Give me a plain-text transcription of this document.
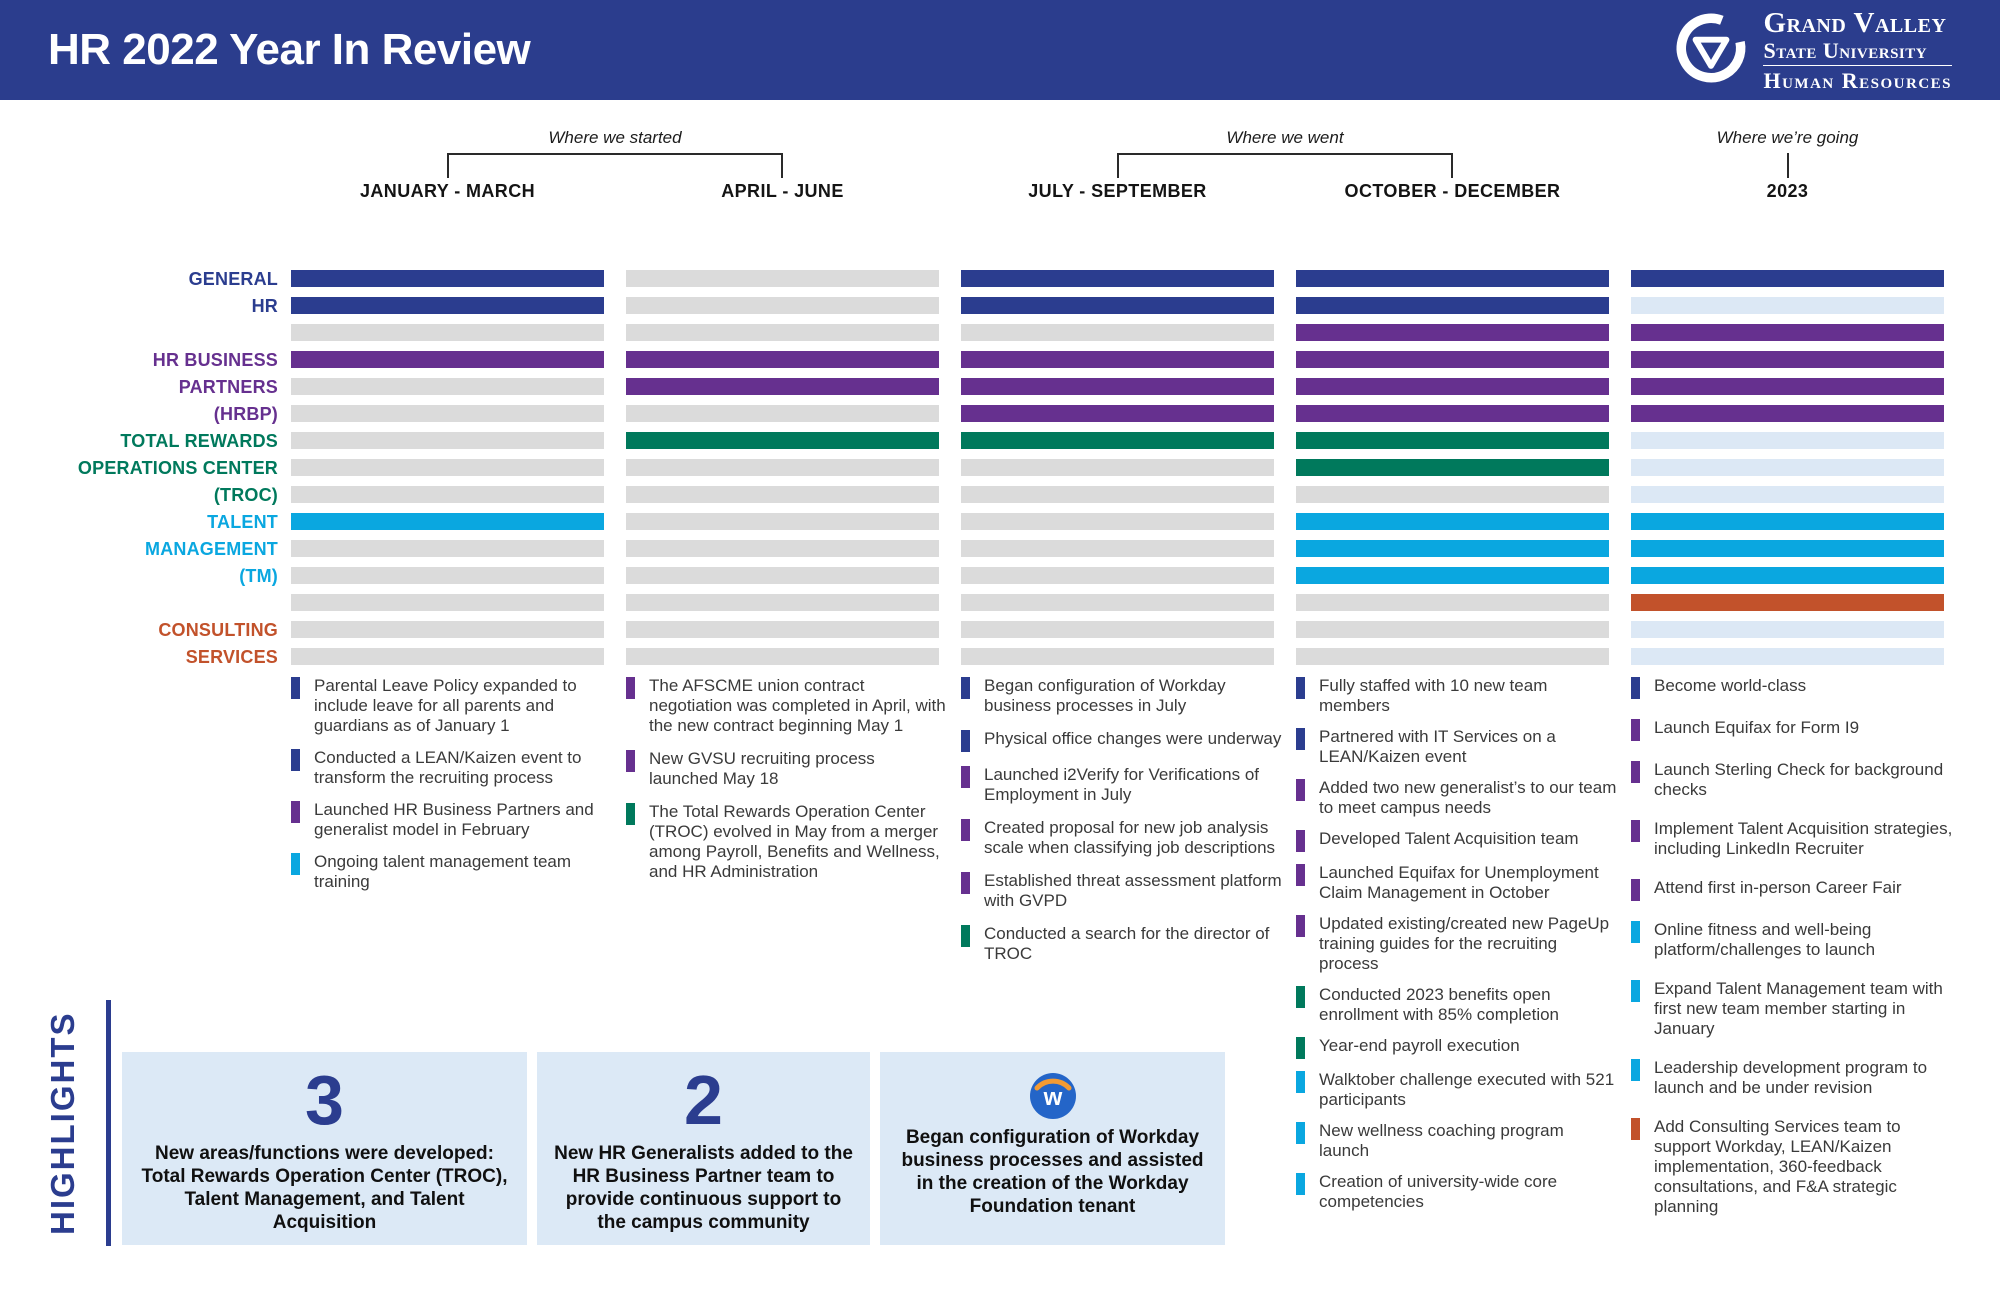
HR 2022 Year In Review
Grand Valley
State University
Human Resources
Where we started	Where we went	Where we’re going
JANUARY - MARCH	APRIL - JUNE	JULY - SEPTEMBER	OCTOBER - DECEMBER	2023
GENERAL
HR
HR BUSINESS
PARTNERS
(HRBP)
TOTAL REWARDS
OPERATIONS CENTER
(TROC)
TALENT
MANAGEMENT
(TM)
CONSULTING
SERVICES
Parental Leave Policy expanded to include leave for all parents and guardians as of January 1
Conducted a LEAN/Kaizen event to transform the recruiting process
Launched HR Business Partners and generalist model in February
Ongoing talent management team training
The AFSCME union contract negotiation was completed in April, with the new contract beginning May 1
New GVSU recruiting process launched May 18
The Total Rewards Operation Center (TROC) evolved in May from a merger among Payroll, Benefits and Wellness, and HR Administration
Began configuration of Workday business processes in July
Physical office changes were underway
Launched i2Verify for Verifications of Employment in July
Created proposal for new job analysis scale when classifying job descriptions
Established threat assessment platform with GVPD
Conducted a search for the director of TROC
Fully staffed with 10 new team members
Partnered with IT Services on a LEAN/Kaizen event
Added two new generalist’s to our team to meet campus needs
Developed Talent Acquisition team
Launched Equifax for Unemployment Claim Management in October
Updated existing/created new PageUp training guides for the recruiting process
Conducted 2023 benefits open enrollment with 85% completion
Year-end payroll execution
Walktober challenge executed with 521 participants
New wellness coaching program launch
Creation of university-wide core competencies
Become world-class
Launch Equifax for Form I9
Launch Sterling Check for background checks
Implement Talent Acquisition strategies, including LinkedIn Recruiter
Attend first in-person Career Fair
Online fitness and well-being platform/challenges to launch
Expand Talent Management team with first new team member starting in January
Leadership development program to launch and be under revision
Add Consulting Services team to support Workday, LEAN/Kaizen implementation, 360-feedback consultations, and F&A strategic planning
HIGHLIGHTS	3
New areas/functions were developed: Total Rewards Operation Center (TROC), Talent Management, and Talent Acquisition
2
New HR Generalists added to the HR Business Partner team to provide continuous support to the campus community
w
Began configuration of Workday business processes and assisted in the creation of the Workday Foundation tenant
